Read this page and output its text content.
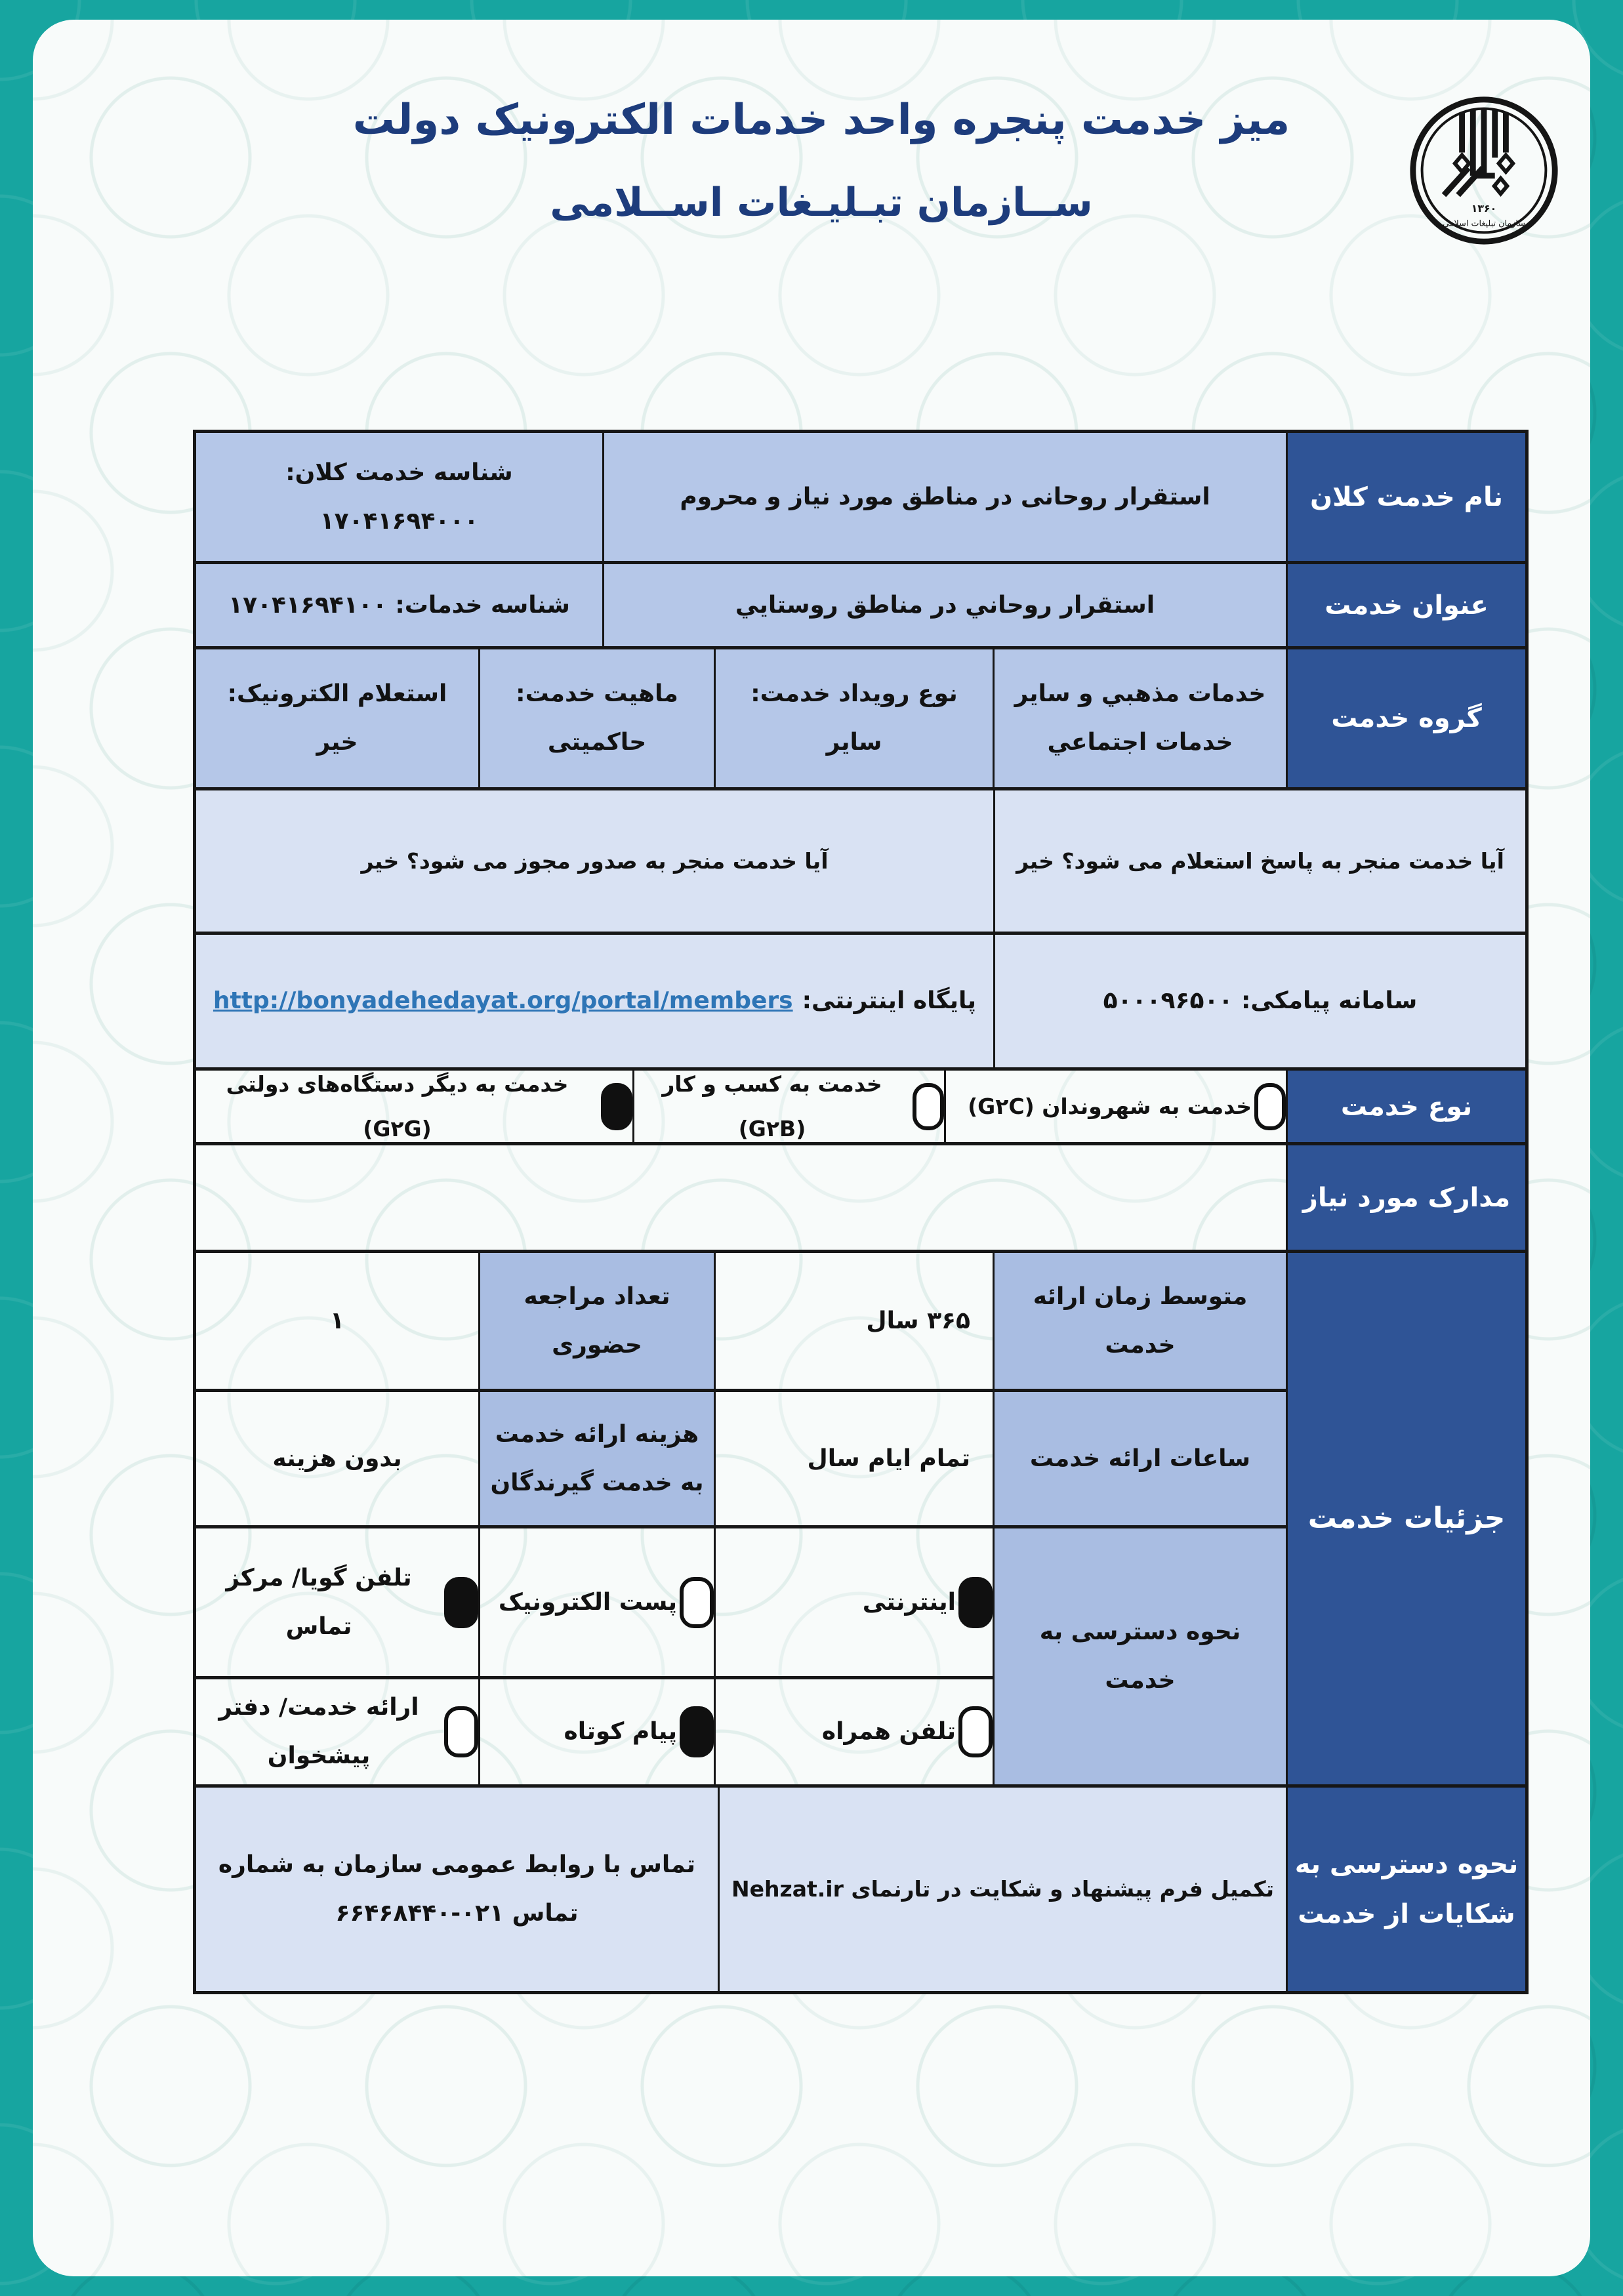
۱۳۶۰
سازمان تبلیغات اسلامی
میز خدمت پنجره واحد خدمات الکترونیک دولت
ســازمان تبـلیـغات اســلامی
نام خدمت کلان
استقرار روحانی در مناطق مورد نیاز و محروم
شناسه خدمت کلان: ۱۷۰۴۱۶۹۴۰۰۰
عنوان خدمت
استقرار روحاني در مناطق روستايي
شناسه خدمات: ۱۷۰۴۱۶۹۴۱۰۰
گروه خدمت
خدمات مذهبي و ساير خدمات اجتماعي
نوع رویداد خدمت: سایر
ماهیت خدمت: حاکمیتی
استعلام الکترونیک: خیر
آیا خدمت منجر به پاسخ استعلام می شود؟ خیر
آیا خدمت منجر به صدور مجوز می شود؟ خیر
سامانه پیامکی: ۵۰۰۰۹۶۵۰۰
پایگاه اینترنتی:
http://bonyadehedayat.org/portal/members
نوع خدمت
خدمت به شهروندان (G۲C)
خدمت به کسب و کار (G۲B)
خدمت به دیگر دستگاه‌های دولتی (G۲G)
مدارک مورد نیاز
جزئیات خدمت
متوسط زمان ارائه خدمت
۳۶۵ سال
تعداد مراجعه حضوری
۱
ساعات ارائه خدمت
تمام ایام سال
هزینه ارائه خدمت به خدمت گیرندگان
بدون هزینه
نحوه دسترسی به خدمت
اینترنتی
پست الکترونیک
تلفن گویا/ مرکز تماس
تلفن همراه
پیام کوتاه
ارائه خدمت/ دفتر پیشخوان
نحوه دسترسی به شکایات از خدمت
تکمیل فرم پیشنهاد و شکایت در تارنمای Nehzat.ir
تماس با روابط عمومی سازمان به شماره تماس ۰۲۱-۶۶۴۶۸۴۴۰
